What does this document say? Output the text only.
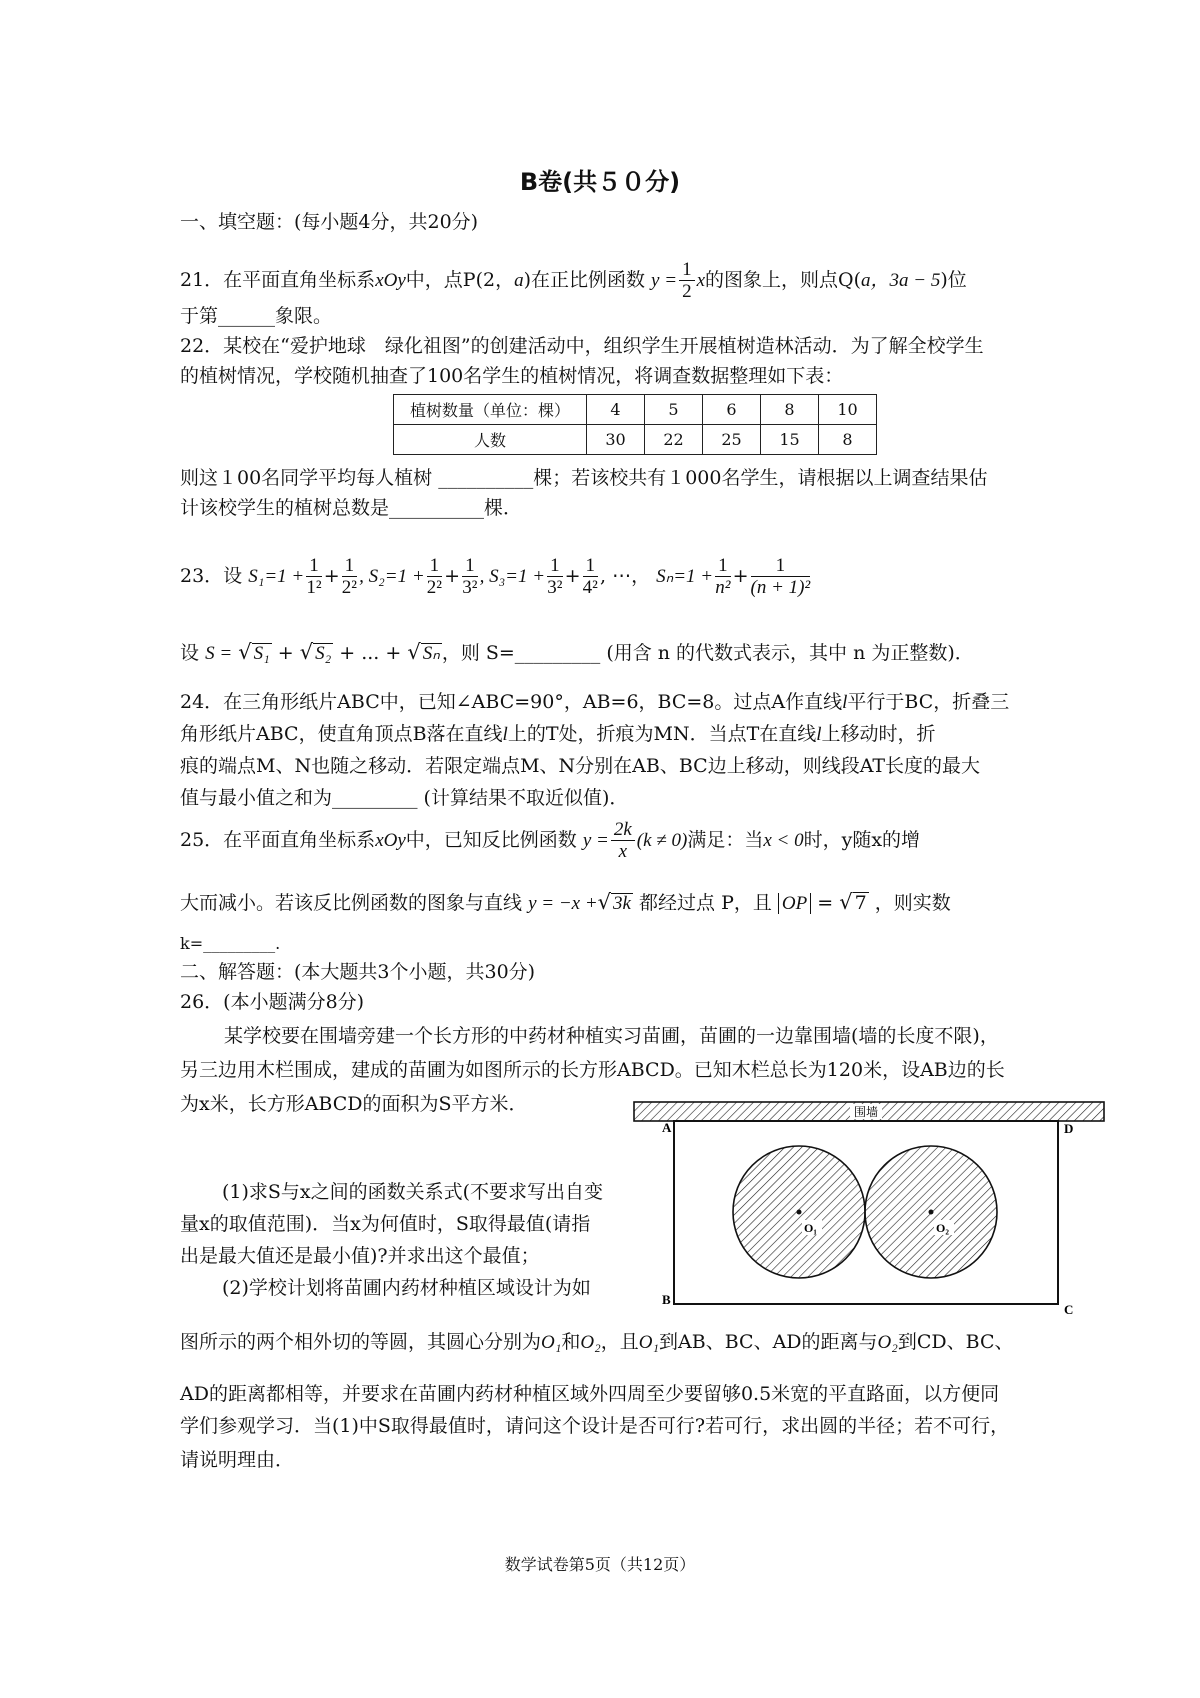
B卷(共５０分)
一、填空题：(每小题4分，共20分)
21．在平面直角坐标系xOy中，点P(2，a)在正比例函数 $y = \frac{1}{2}$ x的图象上，则点Q(a，3a − 5)位
于第______象限。
22．某校在“爱护地球　绿化祖图”的创建活动中，组织学生开展植树造林活动．为了解全校学生
的植树情况，学校随机抽查了100名学生的植树情况，将调查数据整理如下表：
植树数量（单位：棵）	4	5	6	8	10
人数	30	22	25	15	8
则这１00名同学平均每人植树 __________棵；若该校共有１000名学生，请根据以上调查结果估
计该校学生的植树总数是__________棵．
23．设 $S_1=1 + \frac{1}{\text{1²}} + \frac{1}{\text{2²}}$ , $S_2=1 + \frac{1}{\text{2²}} + \frac{1}{\text{3²}}$ , $S_3=1 + \frac{1}{\text{3²}} + \frac{1}{\text{4²}}$ , ⋯， $S_n=1 + \frac{1}{\text{n²}} + \frac{1}{\text{(n + 1)²}}$
设 S = √ S₁ + √ S₂ + ... + √ Sₙ ，则 S=_________ (用含 n 的代数式表示，其中 n 为正整数)．
24．在三角形纸片ABC中，已知∠ABC=90°，AB=6，BC=8。过点A作直线l平行于BC，折叠三
角形纸片ABC，使直角顶点B落在直线l上的T处，折痕为MN．当点T在直线l上移动时，折
痕的端点M、N也随之移动．若限定端点M、N分别在AB、BC边上移动，则线段AT长度的最大
值与最小值之和为_________ (计算结果不取近似值)．
25．在平面直角坐标系xOy中，已知反比例函数 $y = \frac{2k}{x} (k \ne 0)$满足：当x < 0时，y随x的增
大而减小。若该反比例函数的图象与直线 y = −x +√ 3k 都经过点 P，且 OP = √ 7 ，则实数
k=_________.
二、解答题：(本大题共3个小题，共30分)
26．(本小题满分8分)
某学校要在围墙旁建一个长方形的中药材种植实习苗圃，苗圃的一边靠围墙(墙的长度不限)，
另三边用木栏围成，建成的苗圃为如图所示的长方形ABCD。已知木栏总长为120米，设AB边的长
为x米，长方形ABCD的面积为S平方米．
(1)求S与x之间的函数关系式(不要求写出自变
量x的取值范围)．当x为何值时，S取得最值(请指
出是最大值还是最小值)?并求出这个最值；
(2)学校计划将苗圃内药材种植区域设计为如
图所示的两个相外切的等圆，其圆心分别为O₁和O₂，且O₁到AB、BC、AD的距离与O₂到CD、BC、
AD的距离都相等，并要求在苗圃内药材种植区域外四周至少要留够0.5米宽的平直路面，以方便同
学们参观学习．当(1)中S取得最值时，请问这个设计是否可行?若可行，求出圆的半径；若不可行，
请说明理由．
围墙
O₁	O₂
A
B
C
D
数学试卷第5页（共12页）
